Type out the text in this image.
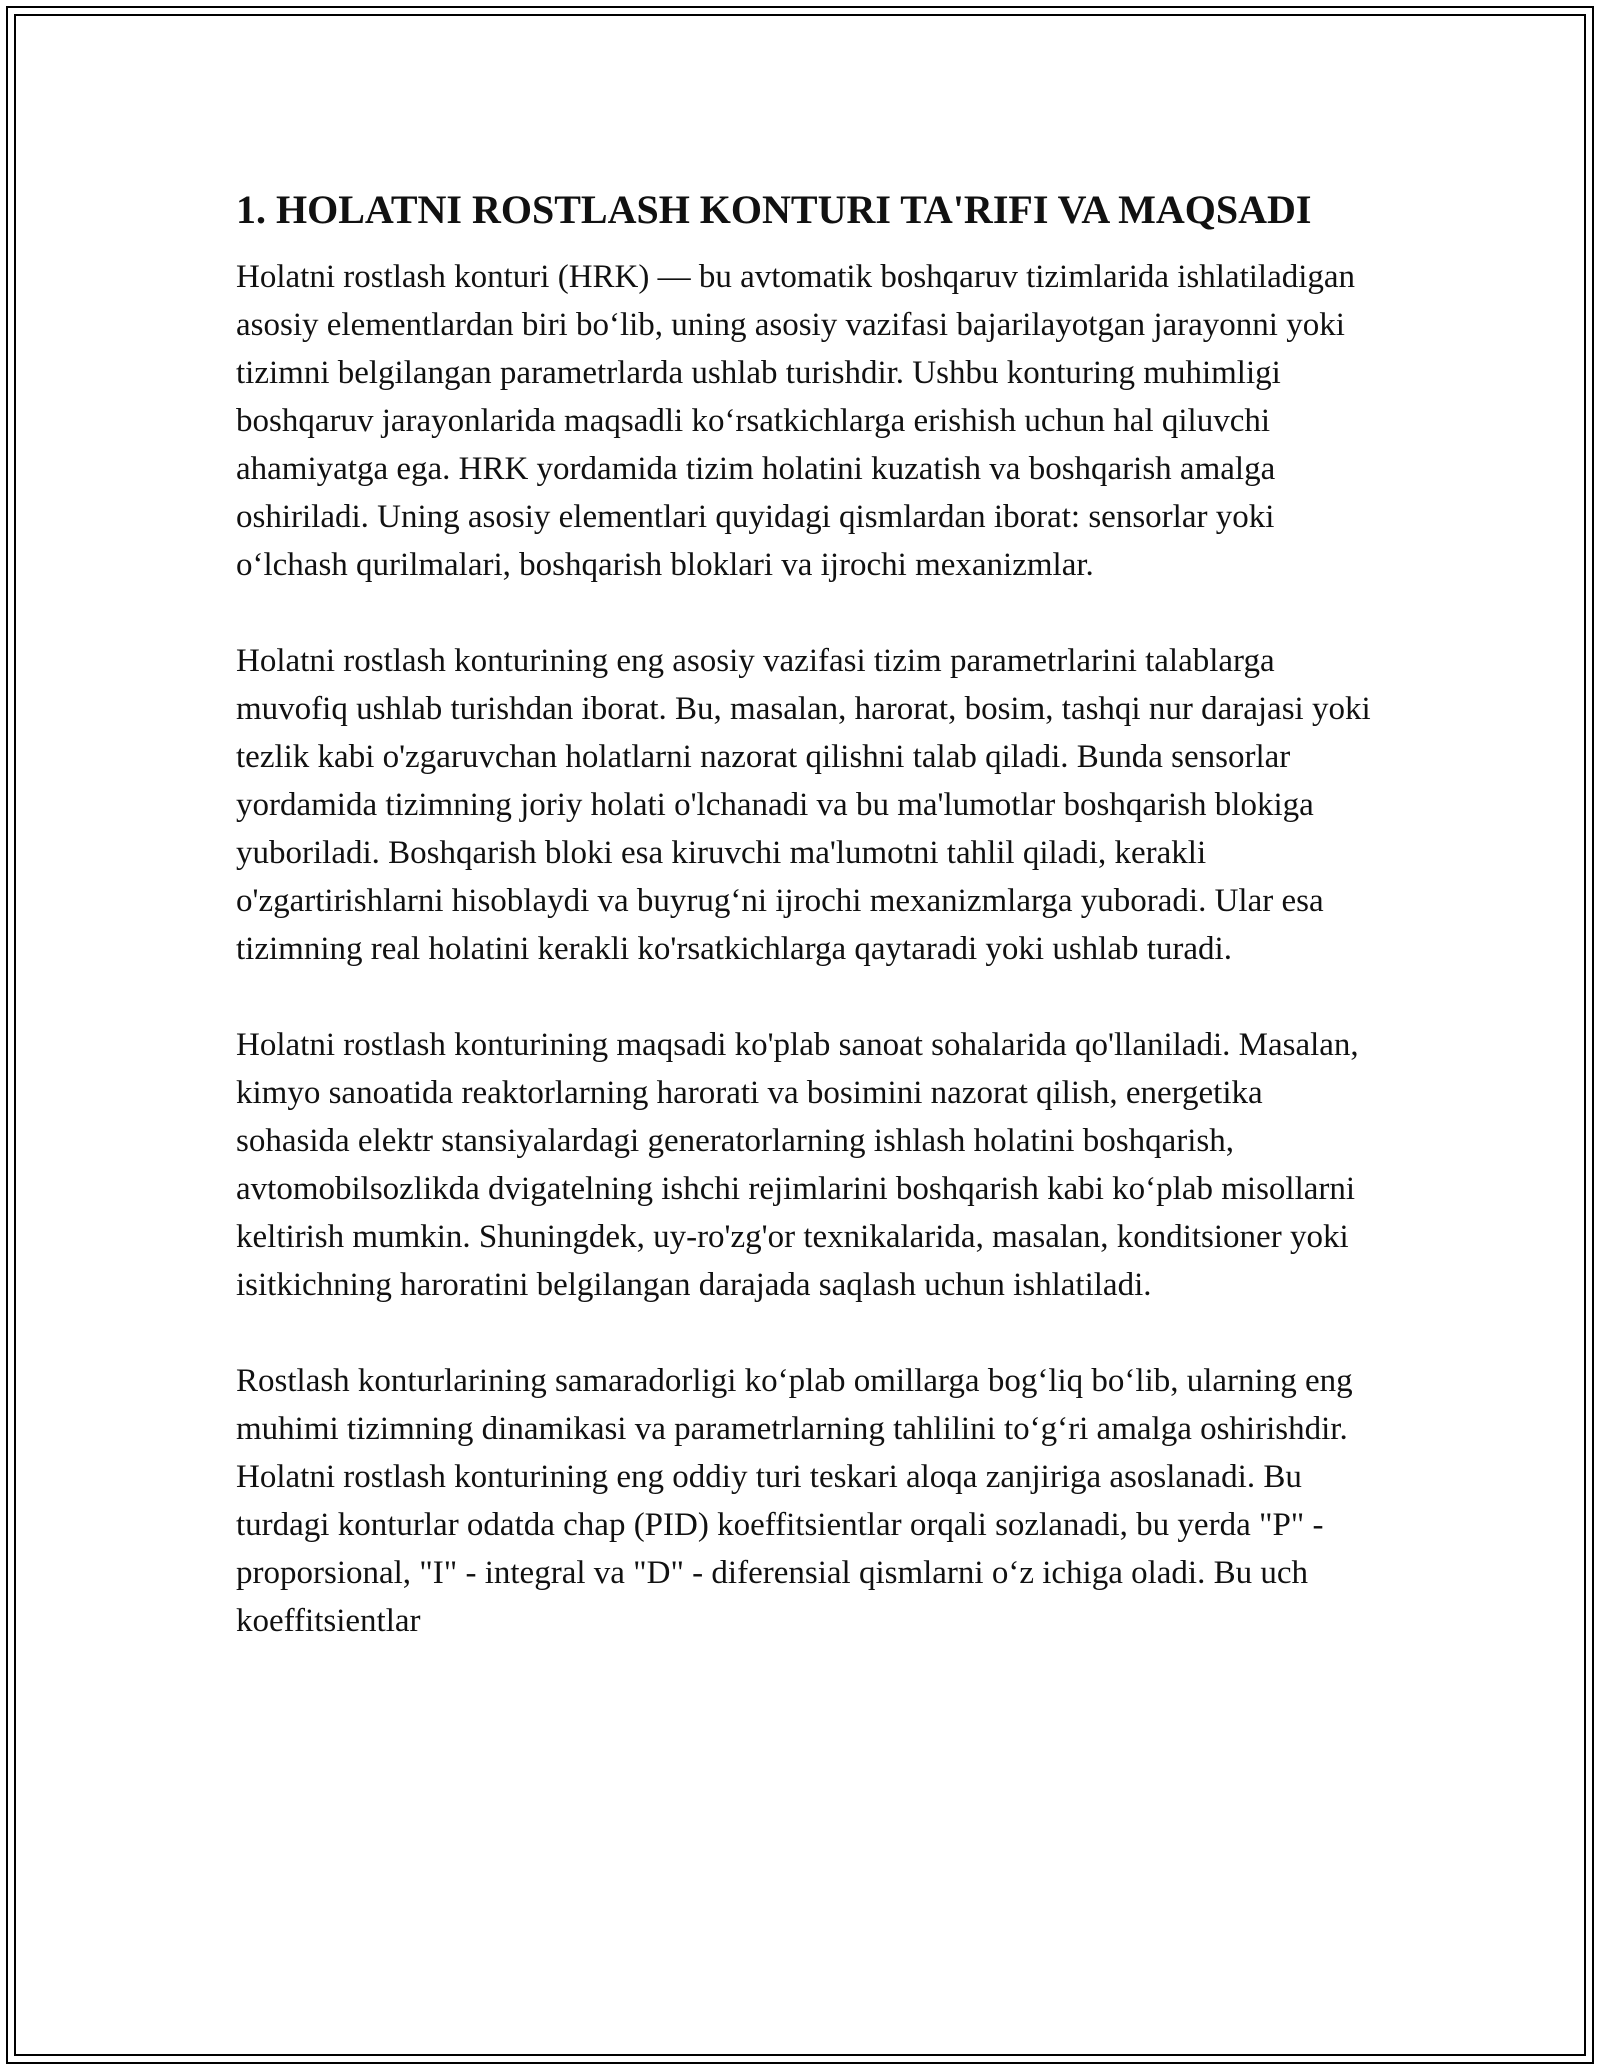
1. HOLATNI ROSTLASH KONTURI TA'RIFI VA MAQSADI

Holatni rostlash konturi (HRK) — bu avtomatik boshqaruv tizimlarida ishlatiladigan asosiy elementlardan biri bo‘lib, uning asosiy vazifasi bajarilayotgan jarayonni yoki tizimni belgilangan parametrlarda ushlab turishdir. Ushbu konturing muhimligi boshqaruv jarayonlarida maqsadli ko‘rsatkichlarga erishish uchun hal qiluvchi ahamiyatga ega. HRK yordamida tizim holatini kuzatish va boshqarish amalga oshiriladi. Uning asosiy elementlari quyidagi qismlardan iborat: sensorlar yoki o‘lchash qurilmalari, boshqarish bloklari va ijrochi mexanizmlar.

Holatni rostlash konturining eng asosiy vazifasi tizim parametrlarini talablarga muvofiq ushlab turishdan iborat. Bu, masalan, harorat, bosim, tashqi nur darajasi yoki tezlik kabi o'zgaruvchan holatlarni nazorat qilishni talab qiladi. Bunda sensorlar yordamida tizimning joriy holati o'lchanadi va bu ma'lumotlar boshqarish blokiga yuboriladi. Boshqarish bloki esa kiruvchi ma'lumotni tahlil qiladi, kerakli o'zgartirishlarni hisoblaydi va buyrug‘ni ijrochi mexanizmlarga yuboradi. Ular esa tizimning real holatini kerakli ko'rsatkichlarga qaytaradi yoki ushlab turadi.

Holatni rostlash konturining maqsadi ko'plab sanoat sohalarida qo'llaniladi. Masalan, kimyo sanoatida reaktorlarning harorati va bosimini nazorat qilish, energetika sohasida elektr stansiyalardagi generatorlarning ishlash holatini boshqarish, avtomobilsozlikda dvigatelning ishchi rejimlarini boshqarish kabi ko‘plab misollarni keltirish mumkin. Shuningdek, uy-ro'zg'or texnikalarida, masalan, konditsioner yoki isitkichning haroratini belgilangan darajada saqlash uchun ishlatiladi.

Rostlash konturlarining samaradorligi ko‘plab omillarga bog‘liq bo‘lib, ularning eng muhimi tizimning dinamikasi va parametrlarning tahlilini to‘g‘ri amalga oshirishdir. Holatni rostlash konturining eng oddiy turi teskari aloqa zanjiriga asoslanadi. Bu turdagi konturlar odatda chap (PID) koeffitsientlar orqali sozlanadi, bu yerda "P" - proporsional, "I" - integral va "D" - diferensial qismlarni o‘z ichiga oladi. Bu uch koeffitsientlar
